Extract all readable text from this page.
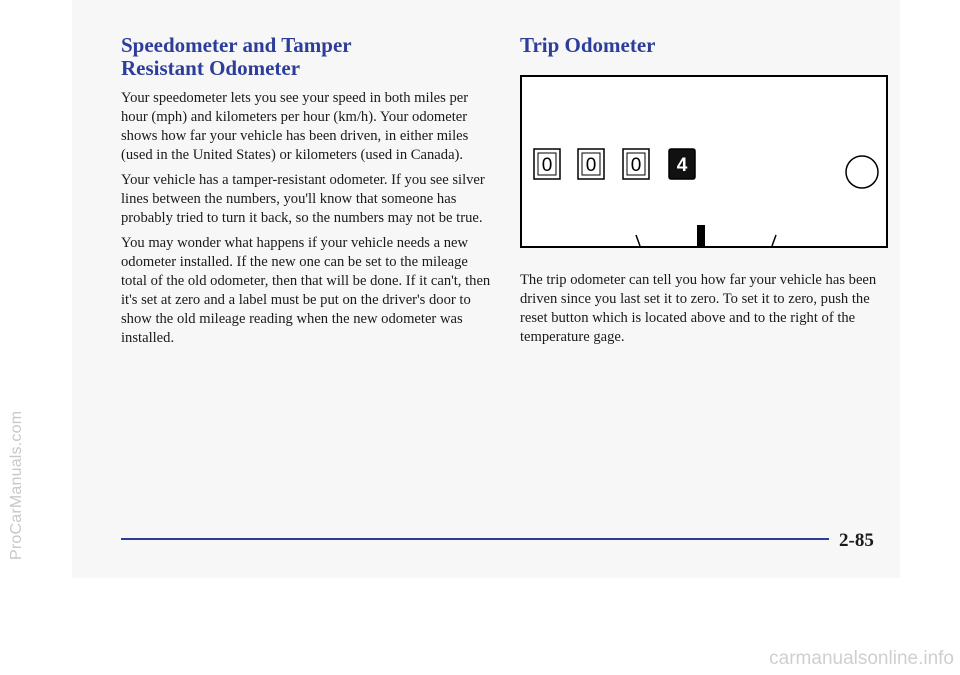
ProCarManuals.com
carmanualsonline.info
Speedometer and Tamper
Resistant Odometer

Your speedometer lets you see your speed in both miles per hour (mph) and kilometers per hour (km/h). Your odometer shows how far your vehicle has been driven, in either miles (used in the United States) or kilometers (used in Canada).

Your vehicle has a tamper-resistant odometer. If you see silver lines between the numbers, you'll know that someone has probably tried to turn it back, so the numbers may not be true.

You may wonder what happens if your vehicle needs a new odometer installed. If the new one can be set to the mileage total of the old odometer, then that will be done. If it can't, then it's set at zero and a label must be put on the driver's door to show the old mileage reading when the new odometer was installed.

Trip Odometer
0 0 0 4

The trip odometer can tell you how far your vehicle has been driven since you last set it to zero. To set it to zero, push the reset button which is located above and to the right of the temperature gage.

2-85
